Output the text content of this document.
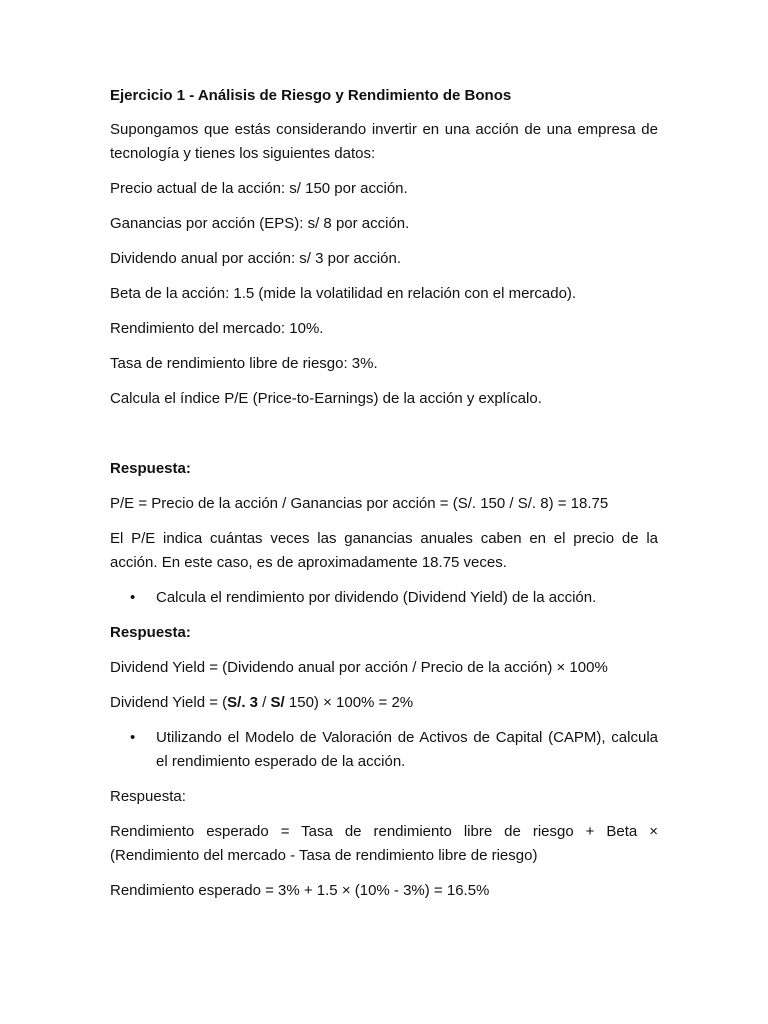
Ejercicio 1 - Análisis de Riesgo y Rendimiento de Bonos
Supongamos que estás considerando invertir en una acción de una empresa de tecnología y tienes los siguientes datos:
Precio actual de la acción: s/ 150 por acción.
Ganancias por acción (EPS): s/ 8 por acción.
Dividendo anual por acción: s/ 3 por acción.
Beta de la acción: 1.5 (mide la volatilidad en relación con el mercado).
Rendimiento del mercado: 10%.
Tasa de rendimiento libre de riesgo: 3%.
Calcula el índice P/E (Price-to-Earnings) de la acción y explícalo.
Respuesta:
P/E = Precio de la acción / Ganancias por acción = (S/. 150 / S/. 8) = 18.75
El P/E indica cuántas veces las ganancias anuales caben en el precio de la acción. En este caso, es de aproximadamente 18.75 veces.
• Calcula el rendimiento por dividendo (Dividend Yield) de la acción.
Respuesta:
Dividend Yield = (Dividendo anual por acción / Precio de la acción) × 100%
Dividend Yield = (S/. 3 / S/ 150) × 100% = 2%
• Utilizando el Modelo de Valoración de Activos de Capital (CAPM), calcula el rendimiento esperado de la acción.
Respuesta:
Rendimiento esperado = Tasa de rendimiento libre de riesgo + Beta × (Rendimiento del mercado - Tasa de rendimiento libre de riesgo)
Rendimiento esperado = 3% + 1.5 × (10% - 3%) = 16.5%
